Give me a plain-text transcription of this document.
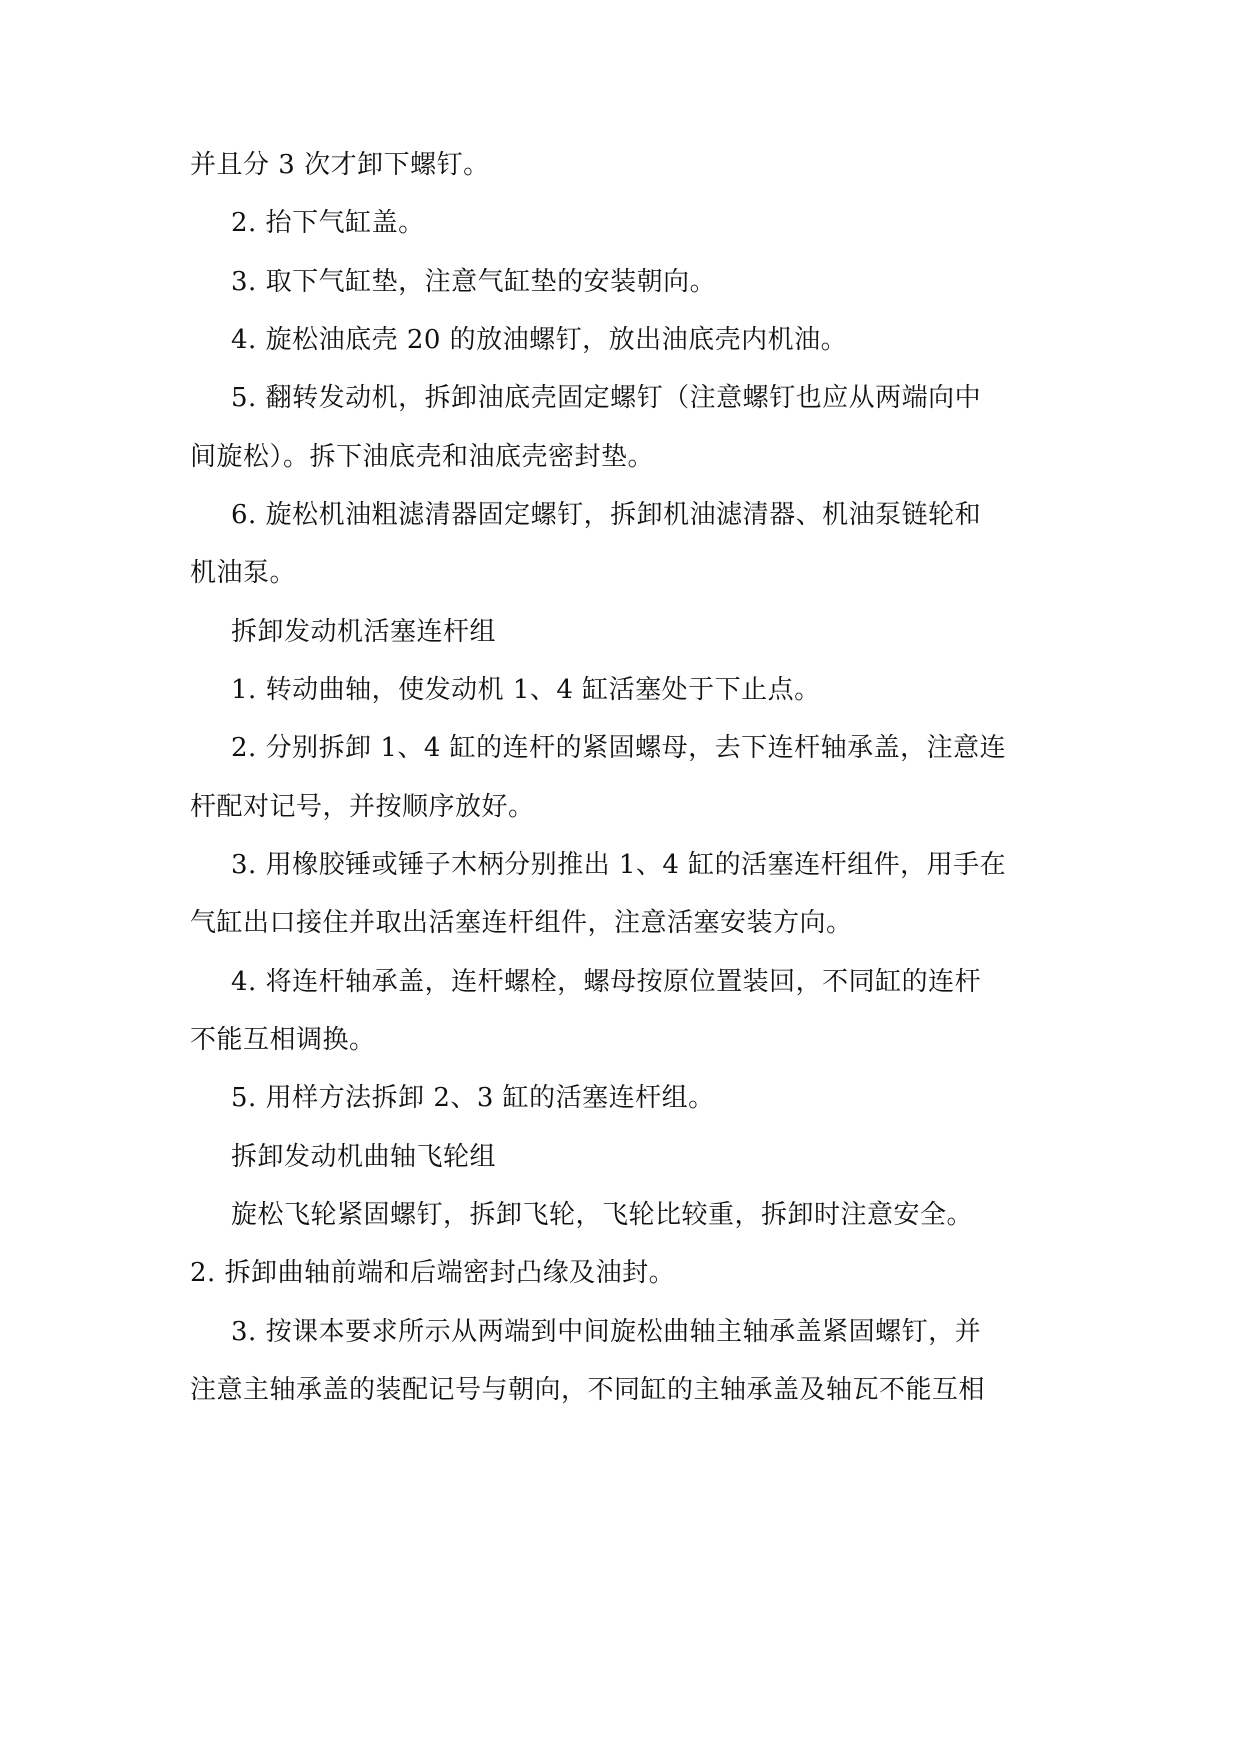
并且分 3 次才卸下螺钉。
2. 抬下气缸盖。
3. 取下气缸垫，注意气缸垫的安装朝向。
4. 旋松油底壳 20 的放油螺钉，放出油底壳内机油。
5. 翻转发动机，拆卸油底壳固定螺钉（注意螺钉也应从两端向中
间旋松）。拆下油底壳和油底壳密封垫。
6. 旋松机油粗滤清器固定螺钉，拆卸机油滤清器、机油泵链轮和
机油泵。
拆卸发动机活塞连杆组
1. 转动曲轴，使发动机 1、4 缸活塞处于下止点。
2. 分别拆卸 1、4 缸的连杆的紧固螺母，去下连杆轴承盖，注意连
杆配对记号，并按顺序放好。
3. 用橡胶锤或锤子木柄分别推出 1、4 缸的活塞连杆组件，用手在
气缸出口接住并取出活塞连杆组件，注意活塞安装方向。
4. 将连杆轴承盖，连杆螺栓，螺母按原位置装回，不同缸的连杆
不能互相调换。
5. 用样方法拆卸 2、3 缸的活塞连杆组。
拆卸发动机曲轴飞轮组
旋松飞轮紧固螺钉，拆卸飞轮，飞轮比较重，拆卸时注意安全。
2. 拆卸曲轴前端和后端密封凸缘及油封。
3. 按课本要求所示从两端到中间旋松曲轴主轴承盖紧固螺钉，并
注意主轴承盖的装配记号与朝向，不同缸的主轴承盖及轴瓦不能互相
